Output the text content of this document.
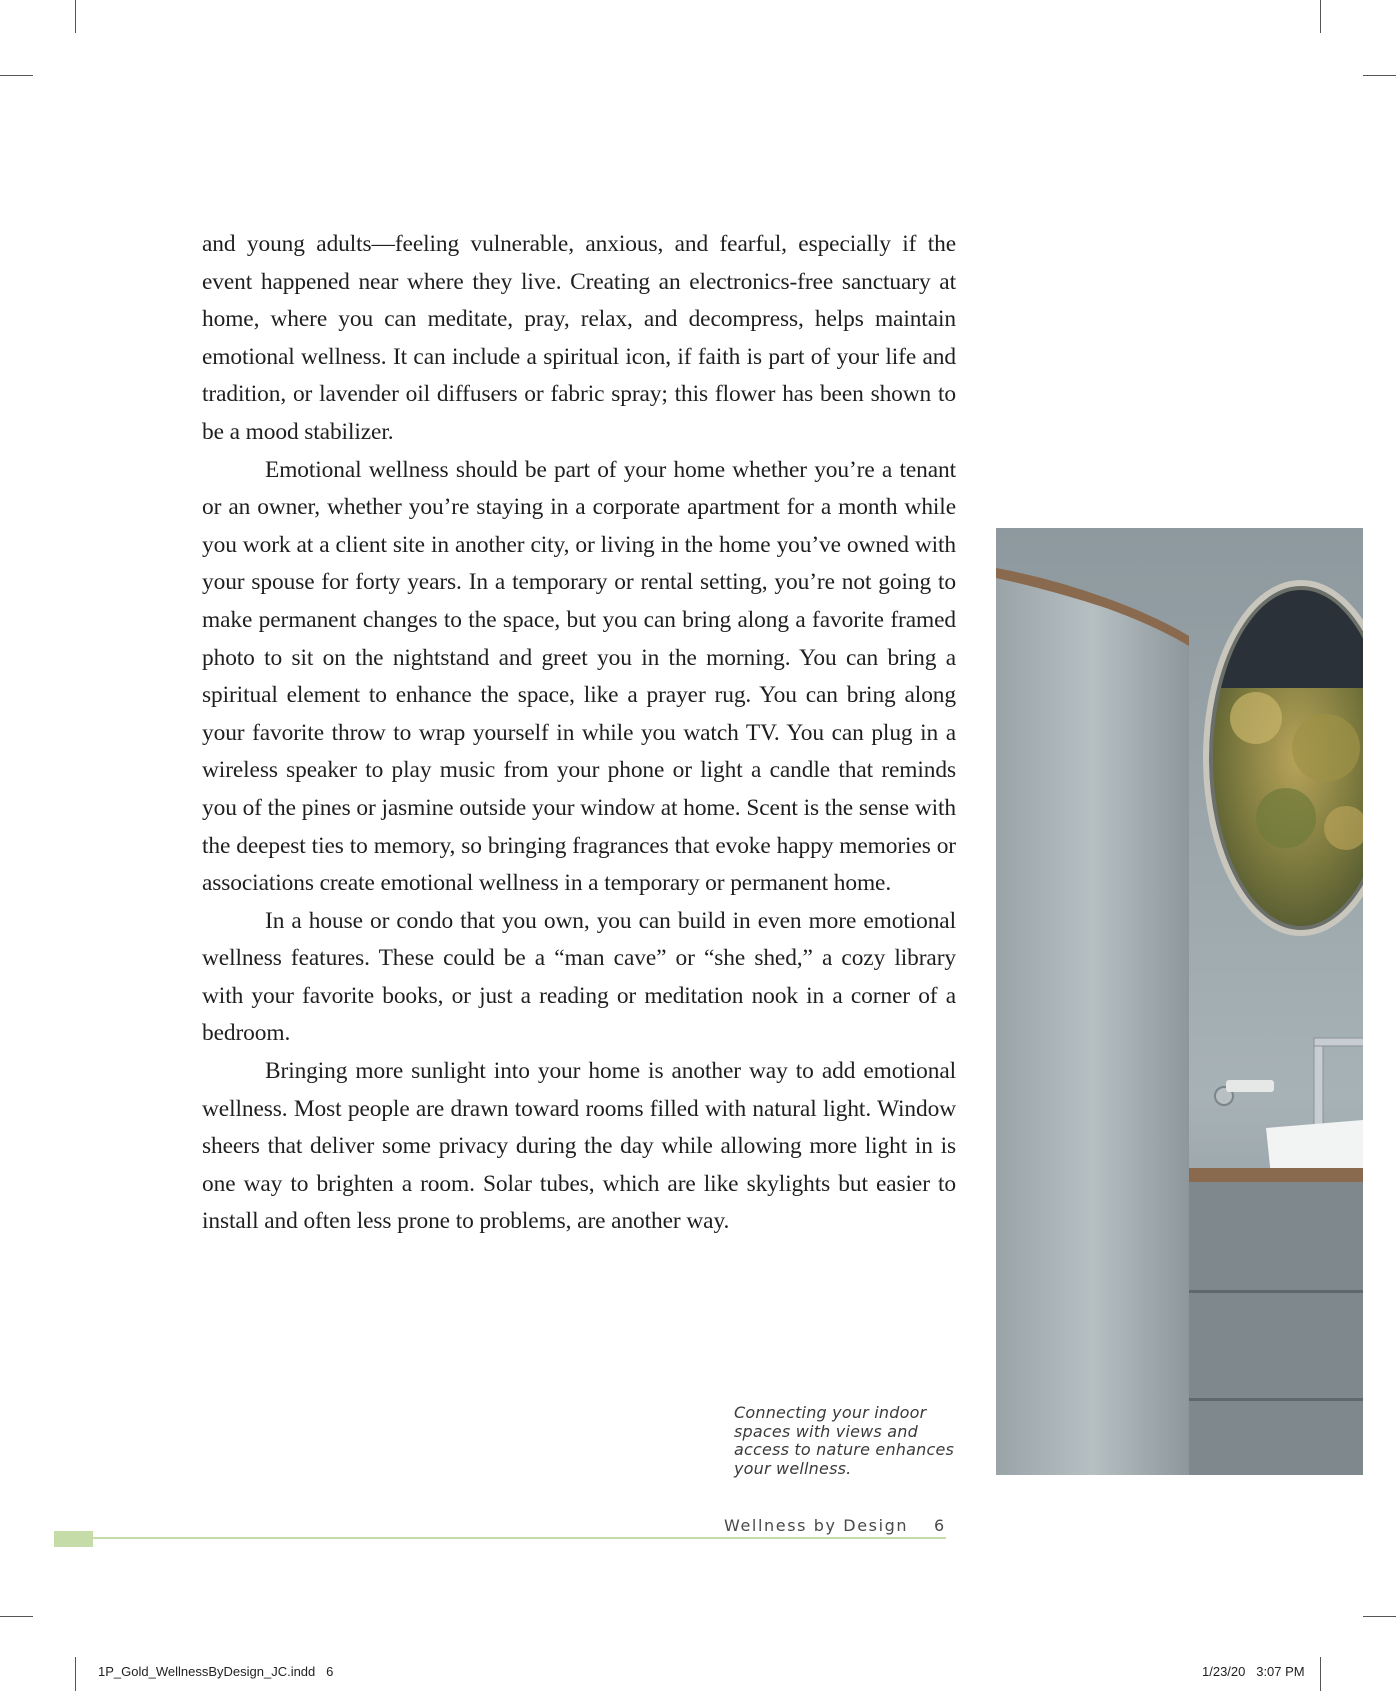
and young adults—feeling vulnerable, anxious, and fearful, especially if the event happened near where they live. Creating an electronics-free sanctuary at home, where you can meditate, pray, relax, and decompress, helps maintain emotional wellness. It can include a spiritual icon, if faith is part of your life and tradition, or lavender oil diffusers or fabric spray; this flower has been shown to be a mood stabilizer.

Emotional wellness should be part of your home whether you’re a tenant or an owner, whether you’re staying in a corporate apartment for a month while you work at a client site in another city, or living in the home you’ve owned with your spouse for forty years. In a temporary or rental setting, you’re not going to make permanent changes to the space, but you can bring along a favorite framed photo to sit on the nightstand and greet you in the morning. You can bring a spiritual element to enhance the space, like a prayer rug. You can bring along your favorite throw to wrap yourself in while you watch TV. You can plug in a wireless speaker to play music from your phone or light a candle that reminds you of the pines or jasmine outside your window at home. Scent is the sense with the deepest ties to memory, so bringing fragrances that evoke happy memories or associations create emotional wellness in a temporary or permanent home.

In a house or condo that you own, you can build in even more emotional wellness features. These could be a “man cave” or “she shed,” a cozy library with your favorite books, or just a reading or meditation nook in a corner of a bedroom.

Bringing more sunlight into your home is another way to add emotional wellness. Most people are drawn toward rooms filled with natural light. Window sheers that deliver some privacy during the day while allowing more light in is one way to brighten a room. Solar tubes, which are like skylights but easier to install and often less prone to problems, are another way.

Connecting your indoor spaces with views and access to nature enhances your wellness.
Wellness by Design 6
1P_Gold_WellnessByDesign_JC.indd   6	1/23/20   3:07 PM
